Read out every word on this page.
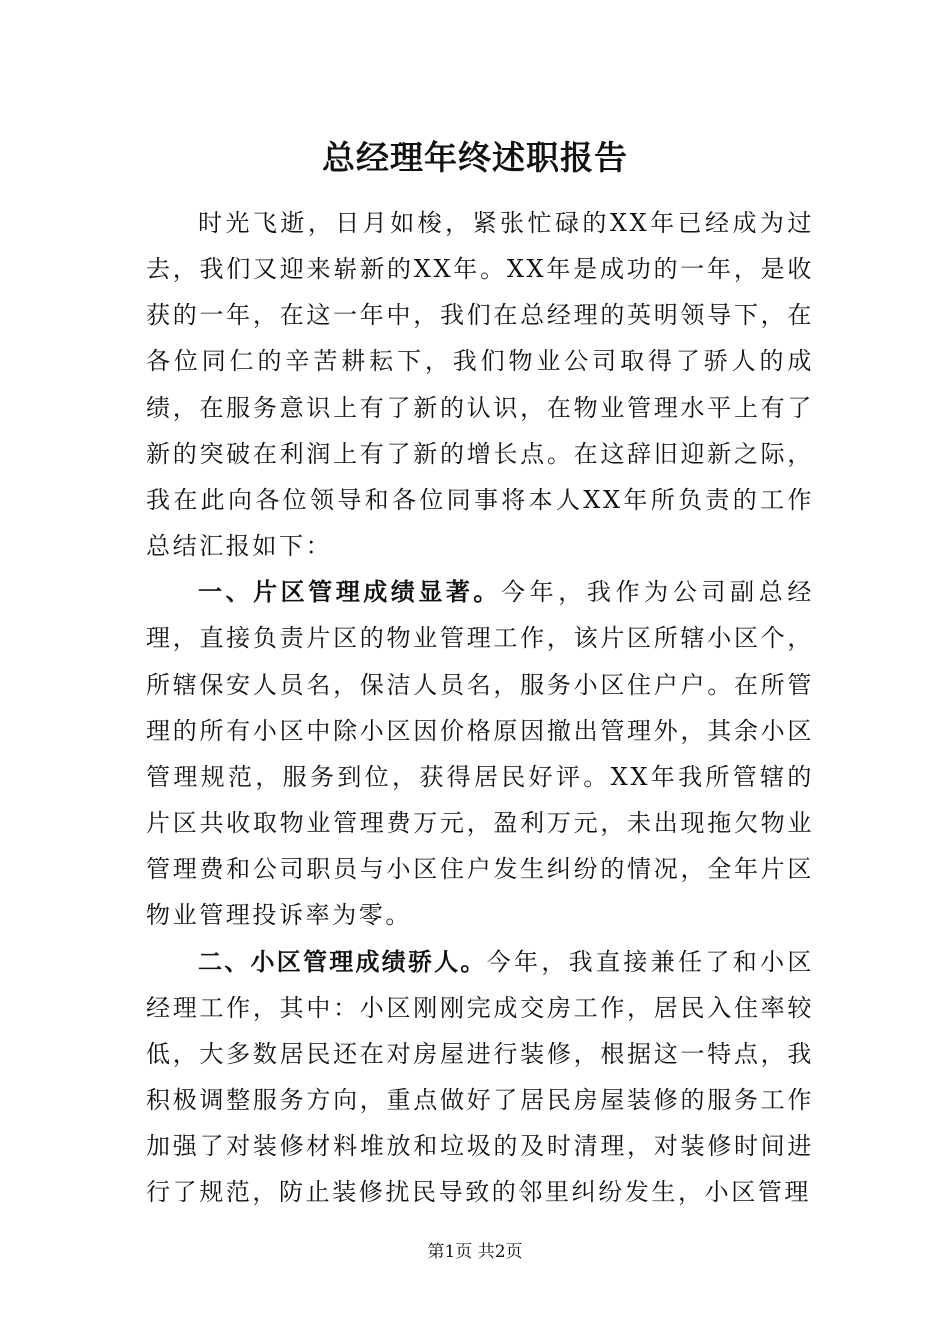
总经理年终述职报告

时光飞逝，日月如梭，紧张忙碌的XX年已经成为过去，我们又迎来崭新的XX年。XX年是成功的一年，是收获的一年，在这一年中，我们在总经理的英明领导下，在各位同仁的辛苦耕耘下，我们物业公司取得了骄人的成绩，在服务意识上有了新的认识，在物业管理水平上有了新的突破在利润上有了新的增长点。在这辞旧迎新之际，我在此向各位领导和各位同事将本人XX年所负责的工作总结汇报如下：

一、片区管理成绩显著。今年，我作为公司副总经理，直接负责片区的物业管理工作，该片区所辖小区个，所辖保安人员名，保洁人员名，服务小区住户户。在所管理的所有小区中除小区因价格原因撤出管理外，其余小区管理规范，服务到位，获得居民好评。XX年我所管辖的片区共收取物业管理费万元，盈利万元，未出现拖欠物业管理费和公司职员与小区住户发生纠纷的情况，全年片区物业管理投诉率为零。

二、小区管理成绩骄人。今年，我直接兼任了和小区经理工作，其中：小区刚刚完成交房工作，居民入住率较低，大多数居民还在对房屋进行装修，根据这一特点，我积极调整服务方向，重点做好了居民房屋装修的服务工作加强了对装修材料堆放和垃圾的及时清理，对装修时间进行了规范，防止装修扰民导致的邻里纠纷发生，小区管理

第1页 共2页
